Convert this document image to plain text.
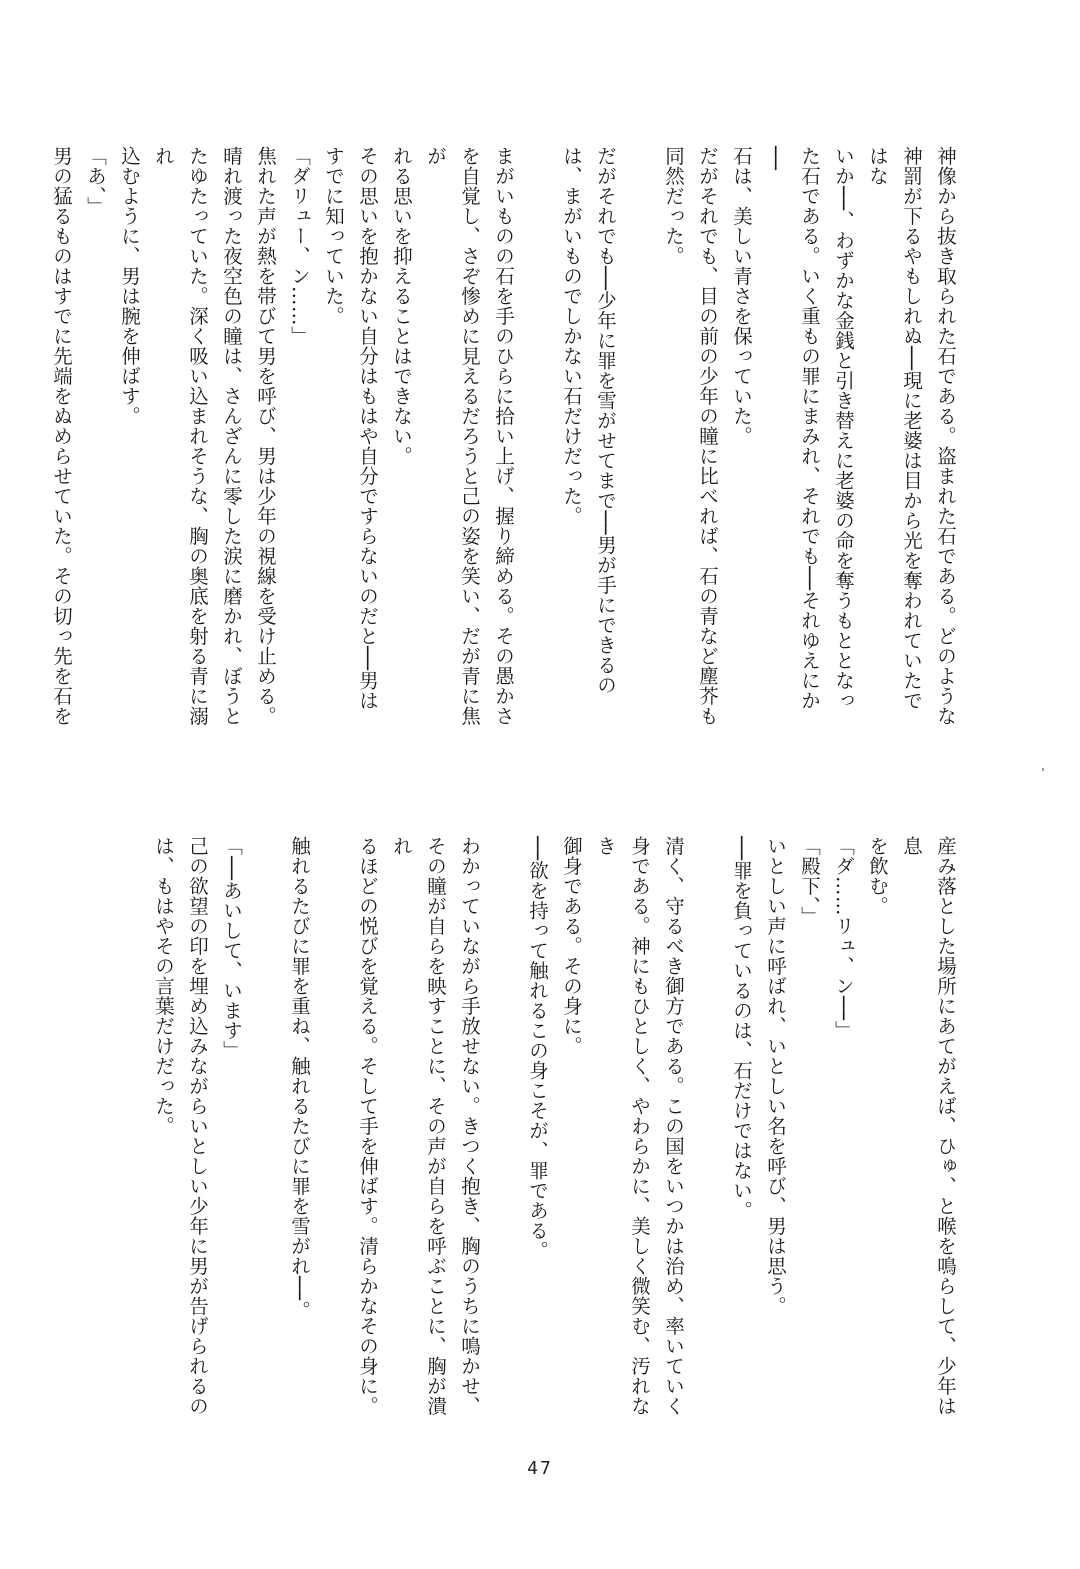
神像から抜き取られた石である。盗まれた石である。どのような
神罰が下るやもしれぬ──現に老婆は目から光を奪われていたではな
いか──、わずかな金銭と引き替えに老婆の命を奪うもととなった石である。いく重もの罪にまみれ、それでも──それゆえにか──
石は、美しい青さを保っていた。
だがそれでも、目の前の少年の瞳に比べれば、石の青など塵芥も
同然だった。
だがそれでも──少年に罪を雪がせてまで──男が手にできるの
は、まがいものでしかない石だけだった。
まがいものの石を手のひらに拾い上げ、握り締める。その愚かさ
を自覚し、さぞ惨めに見えるだろうと己の姿を笑い、だが青に焦が
れる思いを抑えることはできない。
その思いを抱かない自分はもはや自分ですらないのだと──男は
すでに知っていた。
「ダリュー、ン……」
焦れた声が熱を帯びて男を呼び、男は少年の視線を受け止める。
晴れ渡った夜空色の瞳は、さんざんに零した涙に磨かれ、ぼうと
たゆたっていた。深く吸い込まれそうな、胸の奥底を射る青に溺れ
込むように、男は腕を伸ばす。
「あ、」
男の猛るものはすでに先端をぬめらせていた。その切っ先を石を
産み落とした場所にあてがえば、ひゅ、と喉を鳴らして、少年は息
を飲む。
「ダ……リュ、ン──」
「殿下、」
いとしい声に呼ばれ、いとしい名を呼び、男は思う。
──罪を負っているのは、石だけではない。
清く、守るべき御方である。この国をいつかは治め、率いていく
身である。神にもひとしく、やわらかに、美しく微笑む、汚れなき
御身である。その身に。
──欲を持って触れるこの身こそが、罪である。
わかっていながら手放せない。きつく抱き、胸のうちに鳴かせ、
その瞳が自らを映すことに、その声が自らを呼ぶことに、胸が潰れ
るほどの悦びを覚える。そして手を伸ばす。清らかなその身に。
触れるたびに罪を重ね、触れるたびに罪を雪がれ──。
「──あいして、います」
己の欲望の印を埋め込みながらいとしい少年に男が告げられるの
は、もはやその言葉だけだった。
47
